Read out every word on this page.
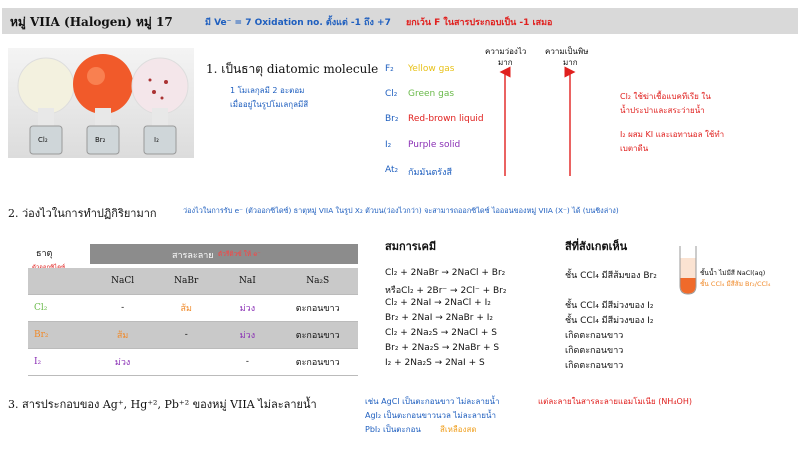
หมู่ VIIA (Halogen) หมู่ 17	มี Ve⁻ = 7 Oxidation no. ตั้งแต่ -1 ถึง +7 ยกเว้น F ในสารประกอบเป็น -1 เสมอ
Cl₂	Br₂	I₂
1. เป็นธาตุ diatomic molecule
1 โมเลกุลมี 2 อะตอม
เมื่ออยู่ในรูปโมเลกุลมีสี
F₂ Yellow gas
Cl₂ Green gas
Br₂ Red-brown liquid
I₂ Purple solid
At₂ กัมมันตรังสี
ความว่องไว
มาก
ความเป็นพิษ
มาก
Cl₂ ใช้ฆ่าเชื้อแบคทีเรีย ใน
น้ำประปาและสระว่ายน้ำ
I₂ ผสม KI และเอทานอล ใช้ทำ
เบตาดีน
2. ว่องไวในการทำปฏิกิริยามาก	ว่องไวในการรับ e⁻ (ตัวออกซิไดซ์) ธาตุหมู่ VIIA ในรูป X₂ ตัวบน(ว่องไวกว่า) จะสามารถออกซิไดซ์ ไอออนของหมู่ VIIA (X⁻) ได้ (บนชิงล่าง)
ธาตุ
ตัวออกซิไดซ์ รับ e⁻
สารละลาย ตัวรีดิวซ์ ให้ e⁻
	NaCl	NaBr	NaI	Na₂S
Cl₂	-	ส้ม	ม่วง	ตะกอนขาว
Br₂	ส้ม	-	ม่วง	ตะกอนขาว
I₂	ม่วง		-	ตะกอนขาว
สมการเคมี
Cl₂ + 2NaBr → 2NaCl + Br₂
หรือCl₂ + 2Br⁻ → 2Cl⁻ + Br₂
Cl₂ + 2NaI → 2NaCl + I₂
Br₂ + 2NaI → 2NaBr + I₂
Cl₂ + 2Na₂S → 2NaCl + S
Br₂ + 2Na₂S → 2NaBr + S
I₂ + 2Na₂S → 2NaI + S
สีที่สังเกตเห็น
ชั้น CCl₄ มีสีส้มของ Br₂
ชั้น CCl₄ มีสีม่วงของ I₂
ชั้น CCl₄ มีสีม่วงของ I₂
เกิดตะกอนขาว
เกิดตะกอนขาว
เกิดตะกอนขาว
ชั้นน้ำ ไม่มีสี NaCl(aq)
ชั้น CCl₄ มีสีส้ม Br₂/CCl₄
3. สารประกอบของ Ag⁺, Hg⁺², Pb⁺² ของหมู่ VIIA ไม่ละลายน้ำ	เช่น AgCl เป็นตะกอนขาว ไม่ละลายน้ำ	แต่ละลายในสารละลายแอมโมเนีย (NH₄OH)
AgI₂ เป็นตะกอนขาวนวล ไม่ละลายน้ำ
PbI₂ เป็นตะกอน สีเหลืองสด
